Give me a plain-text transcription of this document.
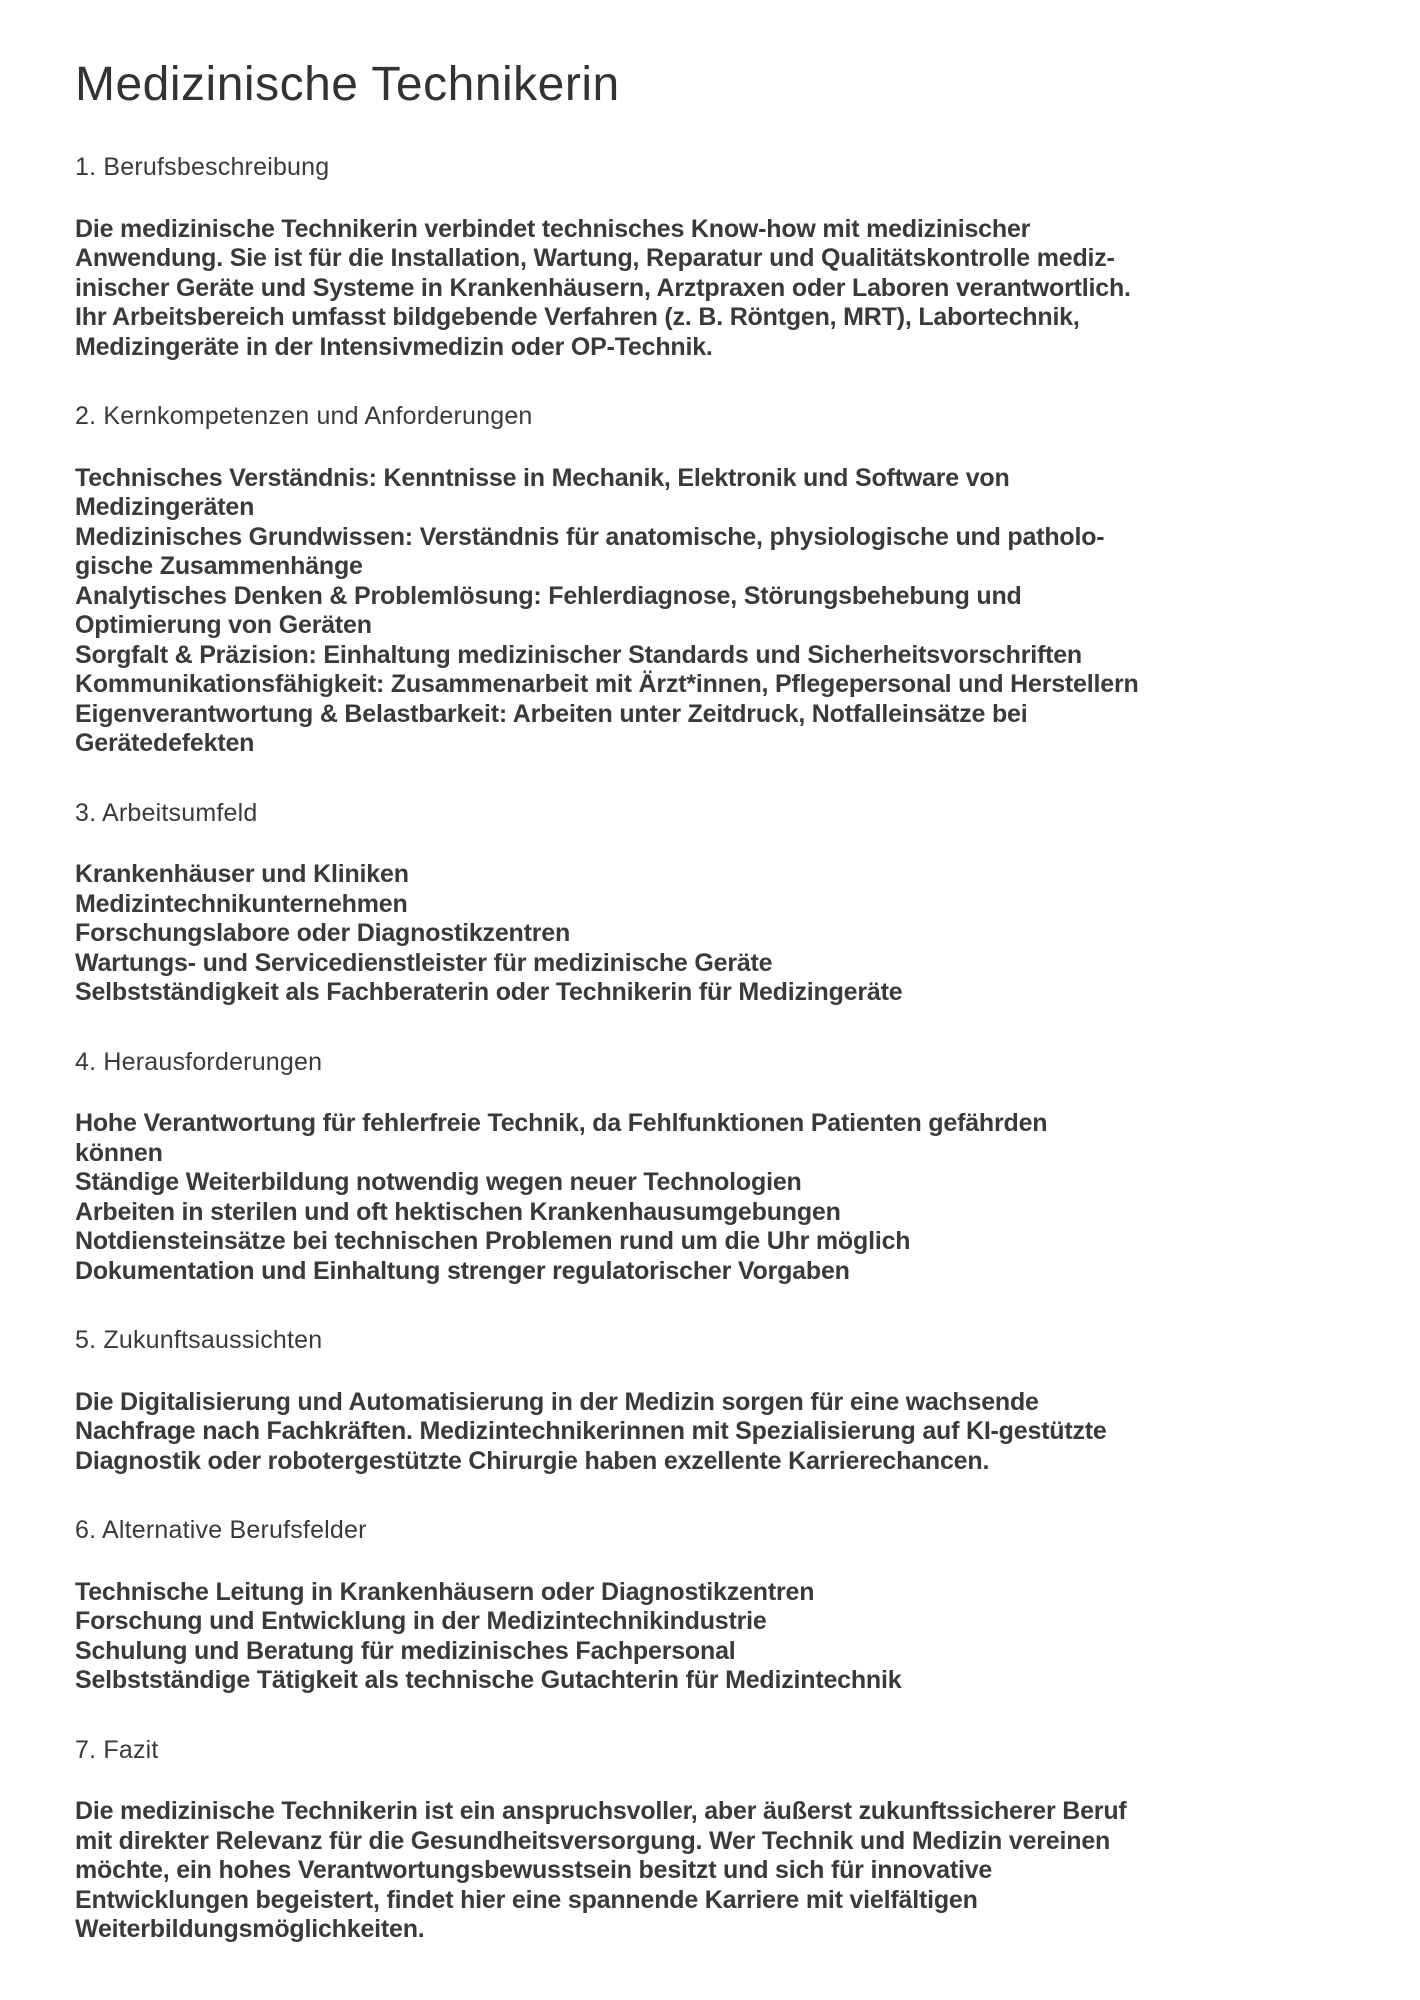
Medizinische Technikerin
1. Berufsbeschreibung
Die medizinische Technikerin verbindet technisches Know-how mit medizinischer
Anwendung. Sie ist für die Installation, Wartung, Reparatur und Qualitätskontrolle mediz-
inischer Geräte und Systeme in Krankenhäusern, Arztpraxen oder Laboren verantwortlich.
Ihr Arbeitsbereich umfasst bildgebende Verfahren (z. B. Röntgen, MRT), Labortechnik,
Medizingeräte in der Intensivmedizin oder OP-Technik.
2. Kernkompetenzen und Anforderungen
Technisches Verständnis: Kenntnisse in Mechanik, Elektronik und Software von
Medizingeräten
Medizinisches Grundwissen: Verständnis für anatomische, physiologische und patholo-
gische Zusammenhänge
Analytisches Denken & Problemlösung: Fehlerdiagnose, Störungsbehebung und
Optimierung von Geräten
Sorgfalt & Präzision: Einhaltung medizinischer Standards und Sicherheitsvorschriften
Kommunikationsfähigkeit: Zusammenarbeit mit Ärzt*innen, Pflegepersonal und Herstellern
Eigenverantwortung & Belastbarkeit: Arbeiten unter Zeitdruck, Notfalleinsätze bei
Gerätedefekten
3. Arbeitsumfeld
Krankenhäuser und Kliniken
Medizintechnikunternehmen
Forschungslabore oder Diagnostikzentren
Wartungs- und Servicedienstleister für medizinische Geräte
Selbstständigkeit als Fachberaterin oder Technikerin für Medizingeräte
4. Herausforderungen
Hohe Verantwortung für fehlerfreie Technik, da Fehlfunktionen Patienten gefährden
können
Ständige Weiterbildung notwendig wegen neuer Technologien
Arbeiten in sterilen und oft hektischen Krankenhausumgebungen
Notdiensteinsätze bei technischen Problemen rund um die Uhr möglich
Dokumentation und Einhaltung strenger regulatorischer Vorgaben
5. Zukunftsaussichten
Die Digitalisierung und Automatisierung in der Medizin sorgen für eine wachsende
Nachfrage nach Fachkräften. Medizintechnikerinnen mit Spezialisierung auf KI-gestützte
Diagnostik oder robotergestützte Chirurgie haben exzellente Karrierechancen.
6. Alternative Berufsfelder
Technische Leitung in Krankenhäusern oder Diagnostikzentren
Forschung und Entwicklung in der Medizintechnikindustrie
Schulung und Beratung für medizinisches Fachpersonal
Selbstständige Tätigkeit als technische Gutachterin für Medizintechnik
7. Fazit
Die medizinische Technikerin ist ein anspruchsvoller, aber äußerst zukunftssicherer Beruf
mit direkter Relevanz für die Gesundheitsversorgung. Wer Technik und Medizin vereinen
möchte, ein hohes Verantwortungsbewusstsein besitzt und sich für innovative
Entwicklungen begeistert, findet hier eine spannende Karriere mit vielfältigen
Weiterbildungsmöglichkeiten.
